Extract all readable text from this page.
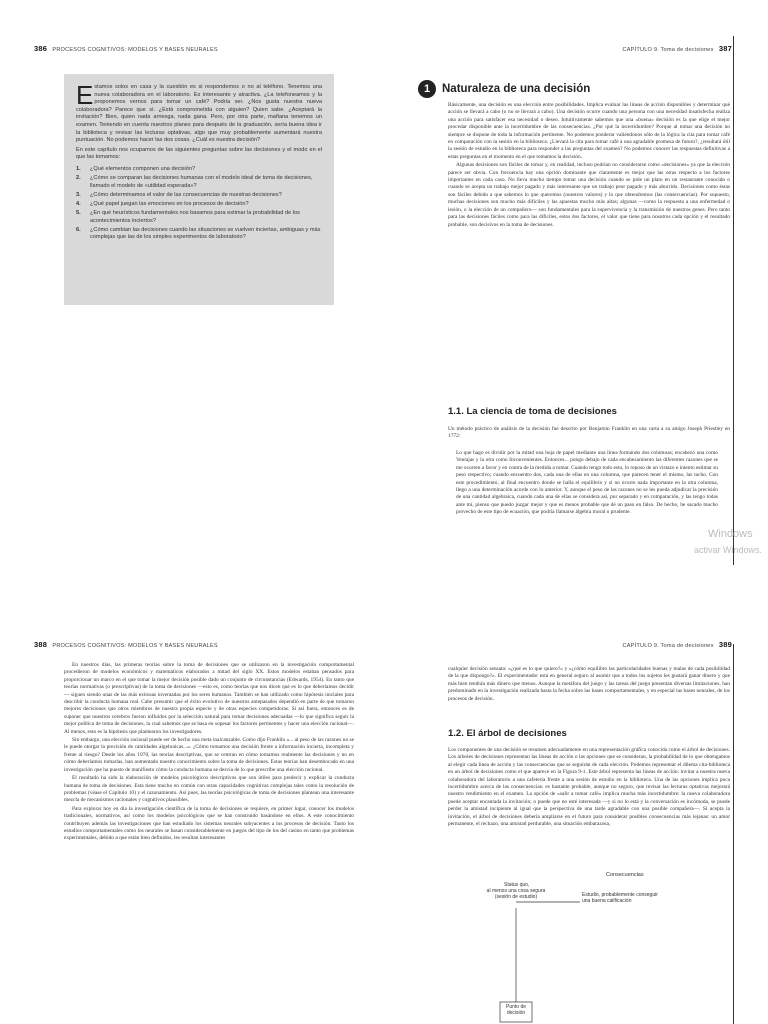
386 PROCESOS COGNITIVOS: MODELOS Y BASES NEURALES

E stamos solos en casa y la cuestión es si respondemos o no al teléfono. Tenemos una nueva colaboradora en el laboratorio. Es interesante y atractiva. ¿La telefoneamos y la proponemos vernos para tomar un café? Podría ser. ¿Nos gusta nuestra nueva colaboradora? Parece que sí. ¿Está comprometida con alguien? Quien sabe. ¿Aceptará la invitación? Bien, quien nada arriesga, nada gana. Pero, por otra parte, mañana tenemos un examen. Teniendo en cuenta nuestros planes para después de la graduación, sería buena idea ir la biblioteca y revisar las lecturas optativas, algo que muy probablemente aumentará nuestra puntuación. No podemos hacer las dos cosas. ¿Cuál es nuestra decisión?

En este capítulo nos ocupamos de las siguientes preguntas sobre las decisiones y el modo en el que las tomamos:

1.	¿Qué elementos componen una decisión?
2.	¿Cómo se comparan las decisiones humanas con el modelo ideal de toma de decisiones, llamado el modelo de «utilidad esperada»?
3.	¿Cómo determinamos el valor de las consecuencias de nuestras decisiones?
4.	¿Qué papel juegan las emociones en los procesos de decisión?
5.	¿En qué heurísticos fundamentales nos basamos para estimar la probabilidad de los acontecimientos inciertos?
6.	¿Cómo cambian las decisiones cuando las situaciones se vuelven inciertas, ambiguas y más complejas que las de los simples experimentos de laboratorio?
CAPÍTULO 9. Toma de decisiones 387
1 Naturaleza de una decisión

Básicamente, una decisión es una elección entre posibilidades. Implica evaluar las líneas de acción disponibles y determinar qué acción se llevará a cabo (o no se llevará a cabo). Una decisión ocurre cuando una persona con una necesidad insatisfecha realiza una acción para satisfacer esa necesidad o deseo. Intuitivamente sabemos que una «buena» decisión es la que elige el mejor procedar disponible ante la incertidumbre de las consecuencias. ¿Por qué la incertidumbre? Porque al tomar una decisión no siempre se dispone de toda la información pertinente. No podemos ponderar valiéndonos sólo de la lógica la cita para tomar café en comparación con la sesión en la biblioteca. ¿Llevará la cita para tomar café a una agradable promesa de futuro?, ¿resultará útil la sesión de estudio en la biblioteca para responder a las preguntas del examen? No podemos conocer las respuestas definitivas a estas preguntas en el momento en el que tomamos la decisión.

Algunas decisiones son fáciles de tomar y, en realidad, incluso podrían no considerarse como «decisiones» ya que la elección parece ser obvia. Con frecuencia hay una opción dominante que claramente es mejor que las otras respecto a los factores importantes en cada caso. No lleva mucho tiempo tomar una decisión cuando se pide un plato en un restaurante conocido o cuando se acepta un trabajo mejor pagado y más interesante que un trabajo peor pagado y más aburrido. Decisiones como éstas son fáciles debido a que sabemos lo que queremos (nuestros valores) y lo que obtendremos (las consecuencias). Por supuesto, muchas decisiones son mucho más difíciles y las apuestas mucho más altas; algunas —como la respuesta a una enfermedad o lesión, o la elección de un compañero— son fundamentales para la supervivencia y la transmisión de nuestros genes. Pero tanto para las decisiones fáciles como para las difíciles, estos dos factores, el valor que tiene para nosotros cada opción y el resultado probable, son decisivos en la toma de decisiones.

1.1. La ciencia de toma de decisiones

Un método práctico de análisis de la decisión fue descrito por Benjamin Franklin en una carta a su amigo Joseph Priestley en 1772:

Lo que hago es dividir por la mitad una hoja de papel mediante una línea formando dos columnas; encabezó una como Ventajas y la otra como Inconvenientes. Entonces... pongo debajo de cada encabezamiento las diferentes razones que se me ocurren a favor y en contra de la medida a tomar. Cuando tengo todo esto, lo reposo de un vistazo e intento estimar su peso respectivo; cuando encuentro dos, cada una de ellas en una columna, que parecen tener el mismo, las tacho. Con este procedimiento, al final encuentro donde se halla el equilibrio y si no ocurre nada importante en la otra columna, llego a una determinación acorde con lo anterior. Y, aunque el peso de las razones no se les pueda adjudicar la precisión de una cantidad algebraica, cuando cada una de ellas se considera así, por separado y en comparación, y las tengo todas ante mí, pienso que puedo juzgar mejor y que es menos probable que dé un paso en falso. De hecho, he sacado mucho provecho de este tipo de ecuación, que podría llamarse álgebra moral o prudente.
Windows
activar Windows.
388 PROCESOS COGNITIVOS: MODELOS Y BASES NEURALES

En nuestros días, las primeras teorías sobre la toma de decisiones que se utilizaron en la investigación comportamental procedieron de modelos económicos y matemáticos elaborados a mitad del siglo XX. Estos modelos estaban pensados para proporcionar un marco en el que tomar la mejor decisión posible dado un conjunto de circunstancias (Edwards, 1954). En tanto que teorías normativas (o prescriptivas) de la toma de decisiones —esto es, como teorías que nos dicen qué es lo que deberíamos decidir— siguen siendo unas de las más exitosas inventadas por los seres humanos. También se han utilizado como hipótesis iniciales para describir la conducta humana real. Cabe presumir que el éxito evolutivo de nuestros antepasados dependió en parte de que tomaron mejores decisiones que otros miembros de nuestra propia especie y de otras especies competidoras. Si así fuera, entonces es de suponer que nuestros cerebros fueron influidos por la selección natural para tomar decisiones adecuadas —lo que significa seguir la mejor política de toma de decisiones, la cual sabemos que se basa en sopesar los factores pertinentes y hacer una elección racional—. Al menos, esto es la hipótesis que plantearon los investigadores.

Sin embargo, una elección racional puede ser de hecho una meta inalcanzable. Como dijo Franklin «... al peso de las razones no se le puede otorgar la precisión de cantidades algebraicas...». ¿Cómo tomamos una decisión frente a información incierta, incompleta y frente al riesgo? Desde los años 1970, las teorías descriptivas, que se centran en cómo tomamos realmente las decisiones y no en cómo deberíamos tomarlas, han aumentado nuestro conocimiento sobre la toma de decisiones. Estas teorías han desembocado en una investigación que ha puesto de manifiesto cómo la conducta humana se desvía de lo que prescribe una elección racional.

El resultado ha sido la elaboración de modelos psicológicos descriptivos que son útiles para predecir y explicar la conducta humana de toma de decisiones. Esta tiene mucho en común con otras capacidades cognitivas complejas tales como la resolución de problemas (véase el Capítulo 10) y el razonamiento. Así pues, las teorías psicológicas de toma de decisiones plantean una interesante mezcla de mecanismos racionales y cognitivos plausibles.

Para explorar hoy en día la investigación científica de la toma de decisiones se requiere, en primer lugar, conocer los modelos tradicionales, normativos, así como los modelos psicológicos que se han construido basándose en ellos. A este conocimiento contribuyen además las investigaciones que han estudiado los sistemas neurales subyacentes a los procesos de decisión. Tanto los estudios comportamentales como los neurales se basan considerablemente en juegos del tipo de los del casino en tanto que problemas experimentales, debido a que están bien definidos, les resultan interesantes

CAPÍTULO 9. Toma de decisiones 389

cualquier decisión sensata: «¿qué es lo que quiero?» y «¿cómo equilibro las particularidades buenas y malas de cada posibilidad de la que dispongo?». El experimentador está en general seguro al asumir que a todos los sujetos les gustará ganar dinero y que más bien tendrán más dinero que menos. Aunque la metáfora del juego y las tareas del juego presentan diversas limitaciones, han predominado en la investigación realizada hasta la fecha sobre las bases comportamentales, y en especial las bases neurales, de los procesos de decisión.

1.2. El árbol de decisiones

Los componentes de una decisión se resumen adecuadamente en una representación gráfica conocida como el árbol de decisiones. Los árboles de decisiones representan las líneas de acción o las opciones que se consideran, la probabilidad de lo que obtengamos al elegir cada línea de acción y las consecuencias que se seguirán de cada elección. Podemos representar el dilema cita-biblioteca en un árbol de decisiones como el que aparece en la Figura 9-1. Este árbol representa las líneas de acción: invitar a nuestra nueva colaboradora del laboratorio a una cafetería frente a una sesión de estudio en la biblioteca. Una de las opciones implica poca incertidumbre acerca de las consecuencias: es bastante probable, aunque no seguro, que revisar las lecturas optativas mejorará nuestro rendimiento en el examen. La opción de «salir a tomar café» implica mucha más incertidumbre: la nueva colaboradora puede aceptar encantada la invitación; o puede que no esté interesada —y si no lo está y la conversación es incómoda, se puede perder la amistad incipiente al igual que la perspectiva de una tarde agradable con una posible compañera—. Si acepta la invitación, el árbol de decisiones debería ampliarse en el futuro para considerar posibles consecuencias más lejanas: un amor permanente, el rechazo, una amistad perdurable, una situación embarazosa,

Consecuencias
Status quo,
al menos una cosa segura (sesión de estudio)	Estudio, probablemente conseguir una buena calificación
Punto de decisión
